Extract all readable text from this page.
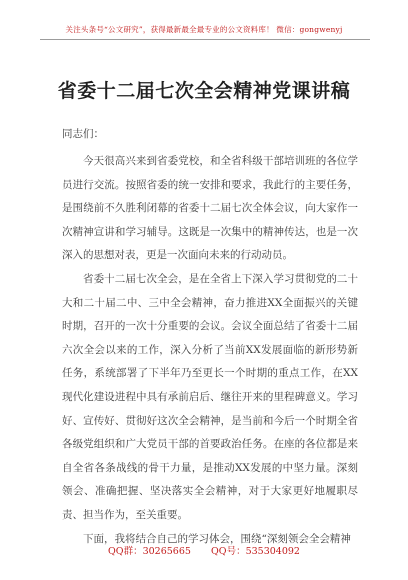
关注头条号“公文研究”，获得最新最全最专业的公文资料库！ 微信：gongwenyj
省委十二届七次全会精神党课讲稿
同志们：

今天很高兴来到省委党校，和全省科级干部培训班的各位学员进行交流。按照省委的统一安排和要求，我此行的主要任务，是围绕前不久胜利闭幕的省委十二届七次全体会议，向大家作一次精神宣讲和学习辅导。这既是一次集中的精神传达，也是一次深入的思想对表，更是一次面向未来的行动动员。

省委十二届七次全会，是在全省上下深入学习贯彻党的二十大和二十届二中、三中全会精神，奋力推进XX全面振兴的关键时期，召开的一次十分重要的会议。会议全面总结了省委十二届六次全会以来的工作，深入分析了当前XX发展面临的新形势新任务，系统部署了下半年乃至更长一个时期的重点工作，在XX现代化建设进程中具有承前启后、继往开来的里程碑意义。学习好、宣传好、贯彻好这次全会精神，是当前和今后一个时期全省各级党组织和广大党员干部的首要政治任务。在座的各位都是来自全省各条战线的骨干力量，是推动XX发展的中坚力量。深刻领会、准确把握、坚决落实全会精神，对于大家更好地履职尽责、担当作为，至关重要。

下面，我将结合自己的学习体会，围绕“深刻领会全会精神

QQ群：30265665 QQ号：535304092
